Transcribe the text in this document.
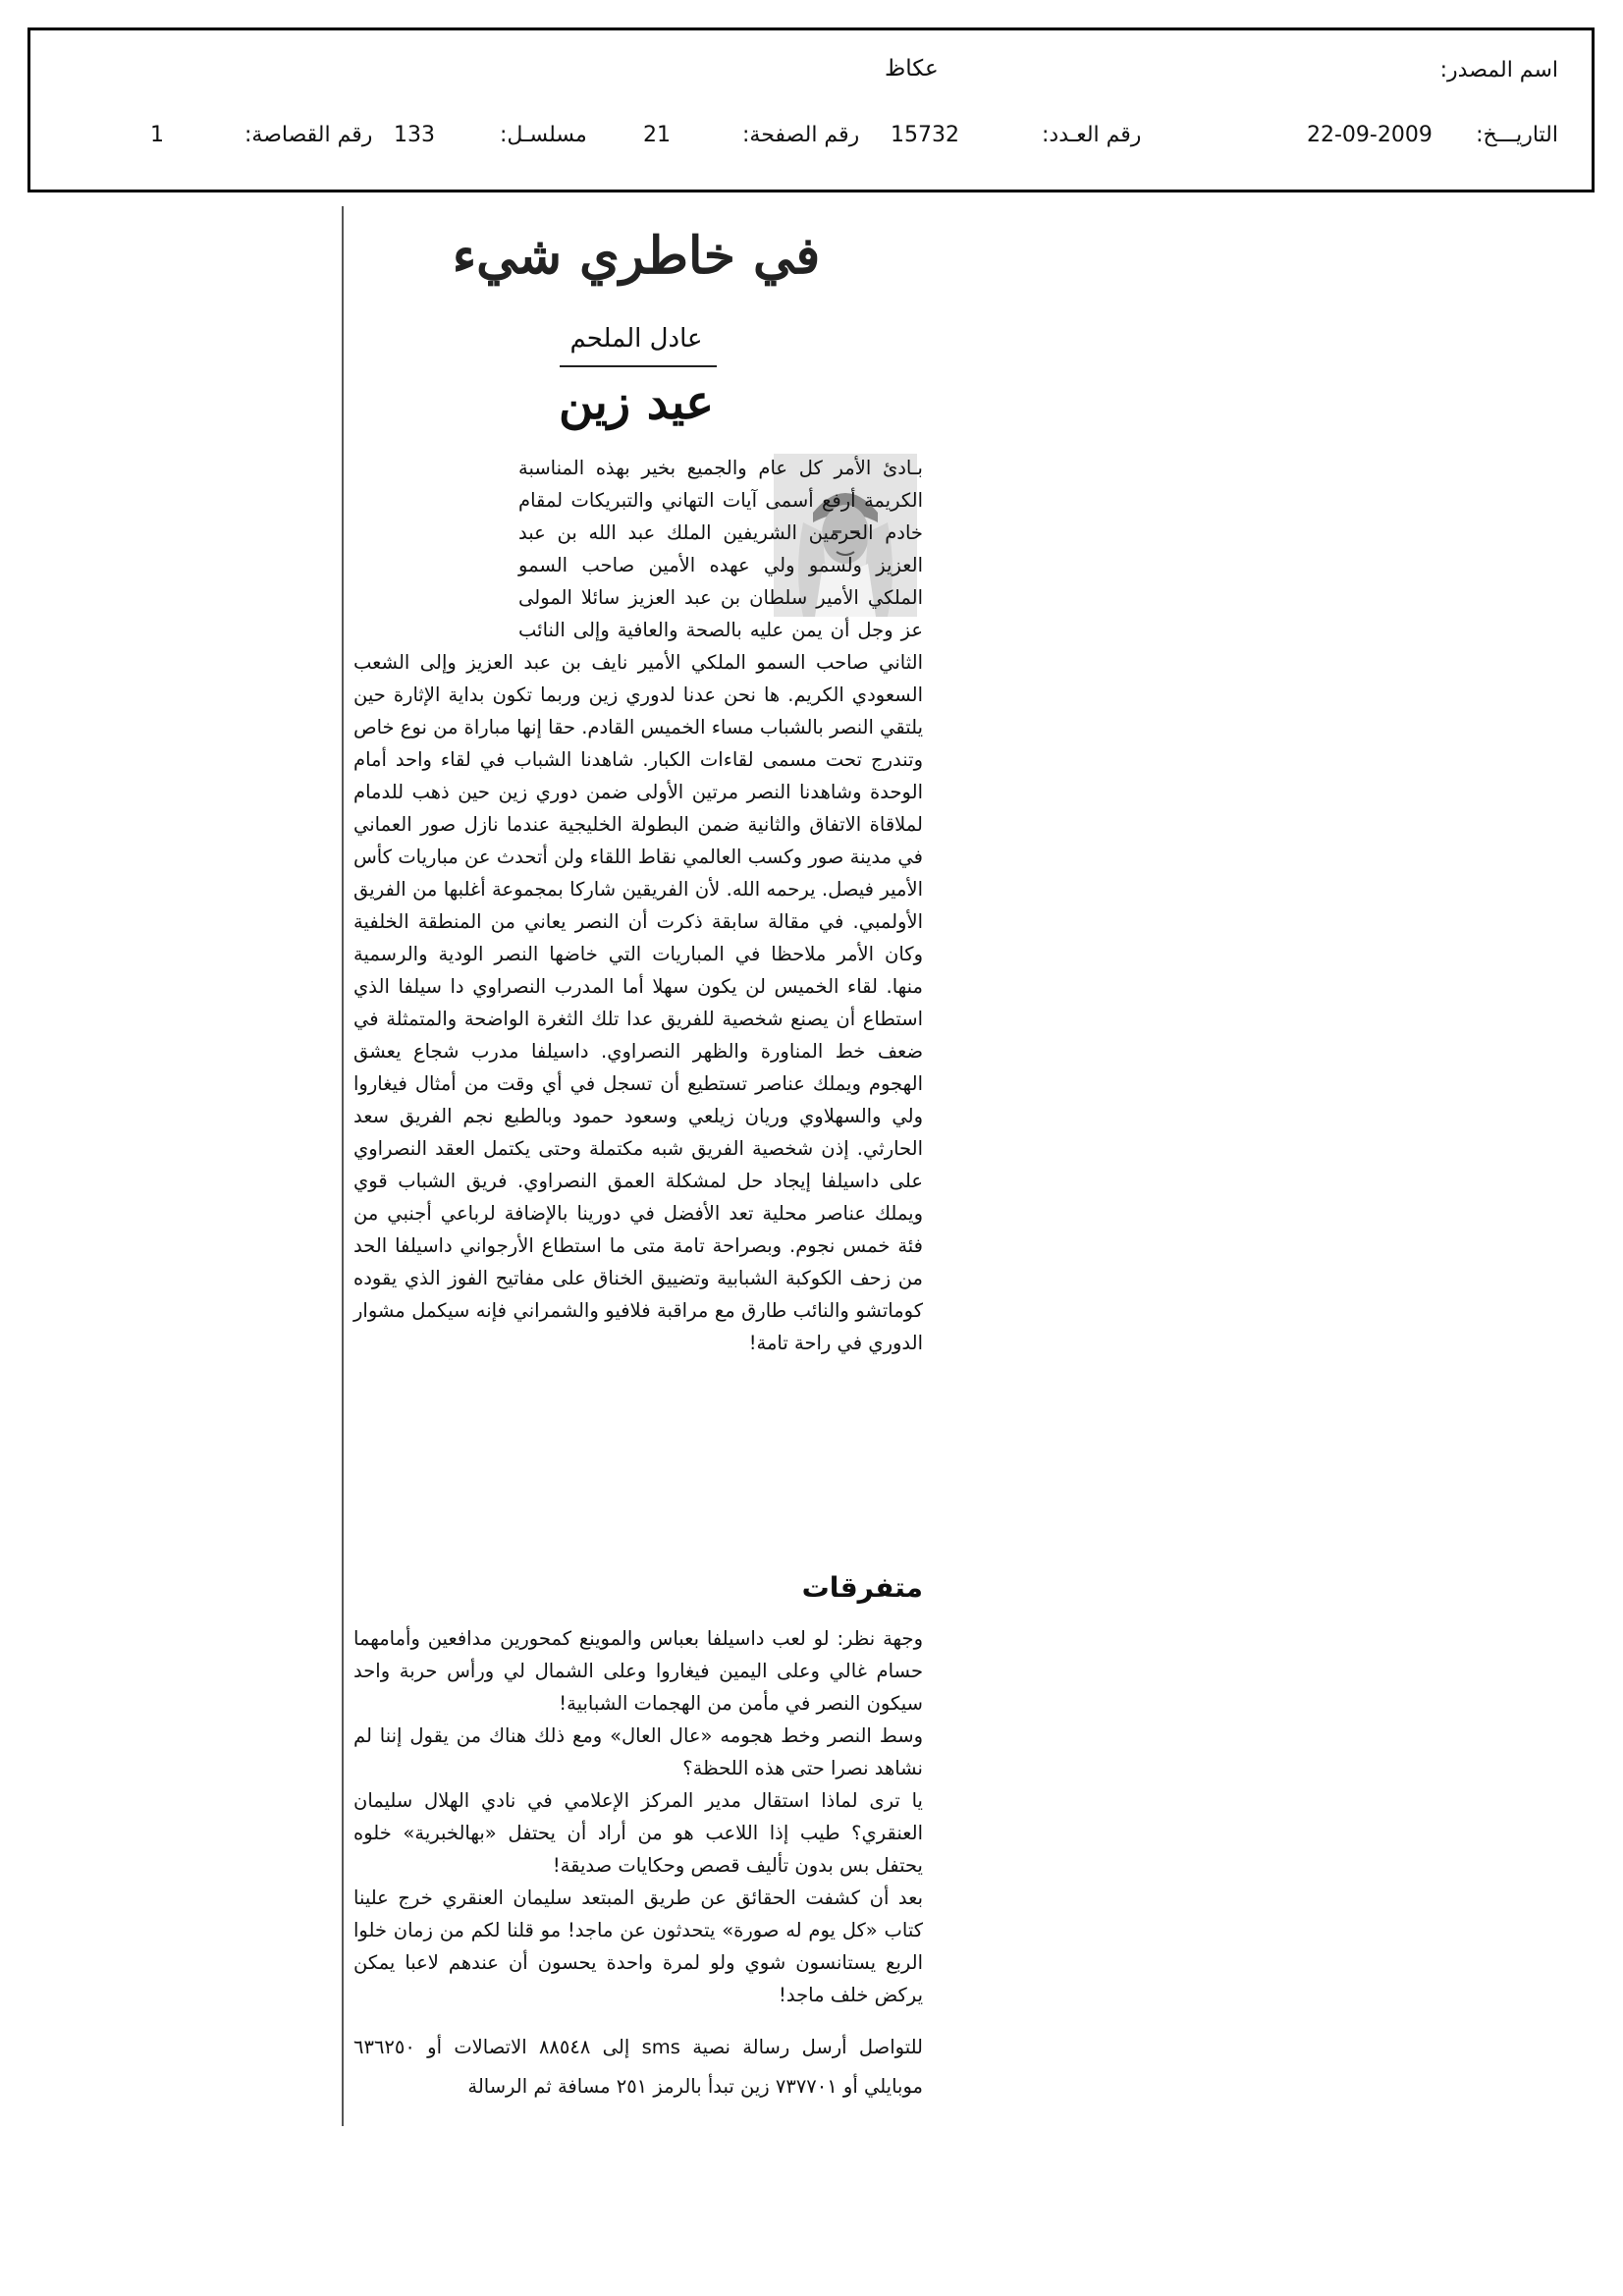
اسم المصدر:
عكاظ
التاريـــخ:
22-09-2009
رقم العـدد:
15732
رقم الصفحة:
21
مسلسـل:
133
رقم القصاصة:
1
في خاطري شيء
عادل الملحم
عيد زين

بـادئ الأمر كل عام والجميع بخير بهذه المناسبة الكريمة أرفع أسمى آيات التهاني والتبريكات لمقام خادم الحرمين الشريفين الملك عبد الله بن عبد العزيز ولسمو ولي عهده الأمين صاحب السمو الملكي الأمير سلطان بن عبد العزيز سائلا المولى عز وجل أن يمن عليه بالصحة والعافية وإلى النائب الثاني صاحب السمو الملكي الأمير نايف بن عبد العزيز وإلى الشعب السعودي الكريم. ها نحن عدنا لدوري زين وربما تكون بداية الإثارة حين يلتقي النصر بالشباب مساء الخميس القادم. حقا إنها مباراة من نوع خاص وتندرج تحت مسمى لقاءات الكبار. شاهدنا الشباب في لقاء واحد أمام الوحدة وشاهدنا النصر مرتين الأولى ضمن دوري زين حين ذهب للدمام لملاقاة الاتفاق والثانية ضمن البطولة الخليجية عندما نازل صور العماني في مدينة صور وكسب العالمي نقاط اللقاء ولن أتحدث عن مباريات كأس الأمير فيصل. يرحمه الله. لأن الفريقين شاركا بمجموعة أغلبها من الفريق الأولمبي. في مقالة سابقة ذكرت أن النصر يعاني من المنطقة الخلفية وكان الأمر ملاحظا في المباريات التي خاضها النصر الودية والرسمية منها. لقاء الخميس لن يكون سهلا أما المدرب النصراوي دا سيلفا الذي استطاع أن يصنع شخصية للفريق عدا تلك الثغرة الواضحة والمتمثلة في ضعف خط المناورة والظهر النصراوي. داسيلفا مدرب شجاع يعشق الهجوم ويملك عناصر تستطيع أن تسجل في أي وقت من أمثال فيغاروا ولي والسهلاوي وريان زيلعي وسعود حمود وبالطبع نجم الفريق سعد الحارثي. إذن شخصية الفريق شبه مكتملة وحتى يكتمل العقد النصراوي على داسيلفا إيجاد حل لمشكلة العمق النصراوي. فريق الشباب قوي ويملك عناصر محلية تعد الأفضل في دورينا بالإضافة لرباعي أجنبي من فئة خمس نجوم. وبصراحة تامة متى ما استطاع الأرجواني داسيلفا الحد من زحف الكوكبة الشبابية وتضييق الخناق على مفاتيح الفوز الذي يقوده كوماتشو والنائب طارق مع مراقبة فلافيو والشمراني فإنه سيكمل مشوار الدوري في راحة تامة!

متفرقات

وجهة نظر: لو لعب داسيلفا بعباس والموينع كمحورين مدافعين وأمامهما حسام غالي وعلى اليمين فيغاروا وعلى الشمال لي ورأس حربة واحد سيكون النصر في مأمن من الهجمات الشبابية!

وسط النصر وخط هجومه «عال العال» ومع ذلك هناك من يقول إننا لم نشاهد نصرا حتى هذه اللحظة؟

يا ترى لماذا استقال مدير المركز الإعلامي في نادي الهلال سليمان العنقري؟ طيب إذا اللاعب هو من أراد أن يحتفل «بهالخبرية» خلوه يحتفل بس بدون تأليف قصص وحكايات صديقة!

بعد أن كشفت الحقائق عن طريق المبتعد سليمان العنقري خرج علينا كتاب «كل يوم له صورة» يتحدثون عن ماجد! مو قلنا لكم من زمان خلوا الربع يستانسون شوي ولو لمرة واحدة يحسون أن عندهم لاعبا يمكن يركض خلف ماجد!

للتواصل أرسل رسالة نصية sms إلى ٨٨٥٤٨ الاتصالات أو ٦٣٦٢٥٠ موبايلي أو ٧٣٧٧٠١ زين تبدأ بالرمز ٢٥١ مسافة ثم الرسالة
